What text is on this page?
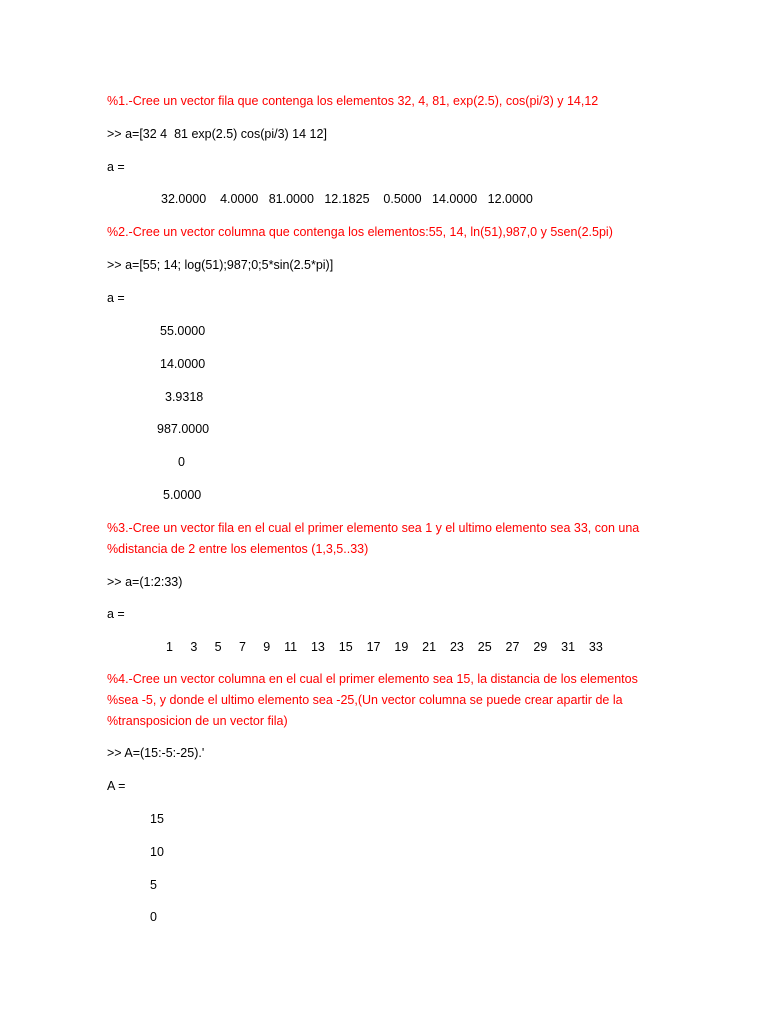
%1.-Cree un vector fila que contenga los elementos 32, 4, 81, exp(2.5), cos(pi/3) y 14,12
>> a=[32 4  81 exp(2.5) cos(pi/3) 14 12]
a =
32.0000    4.0000   81.0000   12.1825    0.5000   14.0000   12.0000
%2.-Cree un vector columna que contenga los elementos:55, 14, ln(51),987,0 y 5sen(2.5pi)
>> a=[55; 14; log(51);987;0;5*sin(2.5*pi)]
a =
55.0000
14.0000
3.9318
987.0000
0
5.0000
%3.-Cree un vector fila en el cual el primer elemento sea 1 y el ultimo elemento sea 33, con una
%distancia de 2 entre los elementos (1,3,5..33)
>> a=(1:2:33)
a =
1     3     5     7     9    11    13    15    17    19    21    23    25    27    29    31    33
%4.-Cree un vector columna en el cual el primer elemento sea 15, la distancia de los elementos
%sea -5, y donde el ultimo elemento sea -25,(Un vector columna se puede crear apartir de la
%transposicion de un vector fila)
>> A=(15:-5:-25).'
A =
15
10
5
0
